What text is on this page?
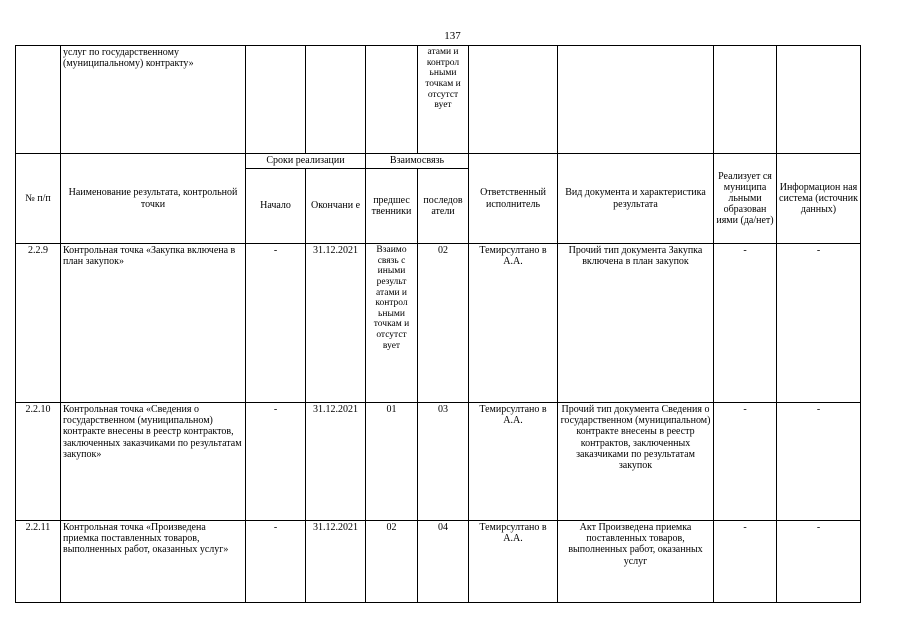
137
	услуг по государственному (муниципальному) контракту»				атами и контрол ьными точкам и отсутст вует				
№ п/п	Наименование результата, контрольной точки	Сроки реализации		Взаимосвязь		Ответственный исполнитель	Вид документа и характеристика результата	Реализует ся муниципа льными образован иями (да/нет)	Информацион ная система (источник данных)
		Начало	Окончани е	предшес твенники	последов атели				
2.2.9	Контрольная точка «Закупка включена в план закупок»	-	31.12.2021	Взаимо связь с иными результ атами и контрол ьными точкам и отсутст вует	02	Темирсултано в А.А.	Прочий тип документа Закупка включена в план закупок	-	-
2.2.10	Контрольная точка «Сведения о государственном (муниципальном) контракте внесены в реестр контрактов, заключенных заказчиками по результатам закупок»	-	31.12.2021	01	03	Темирсултано в А.А.	Прочий тип документа Сведения о государственном (муниципальном) контракте внесены в реестр контрактов, заключенных заказчиками по результатам закупок	-	-
2.2.11	Контрольная точка «Произведена приемка поставленных товаров, выполненных работ, оказанных услуг»	-	31.12.2021	02	04	Темирсултано в А.А.	Акт Произведена приемка поставленных товаров, выполненных работ, оказанных услуг	-	-
